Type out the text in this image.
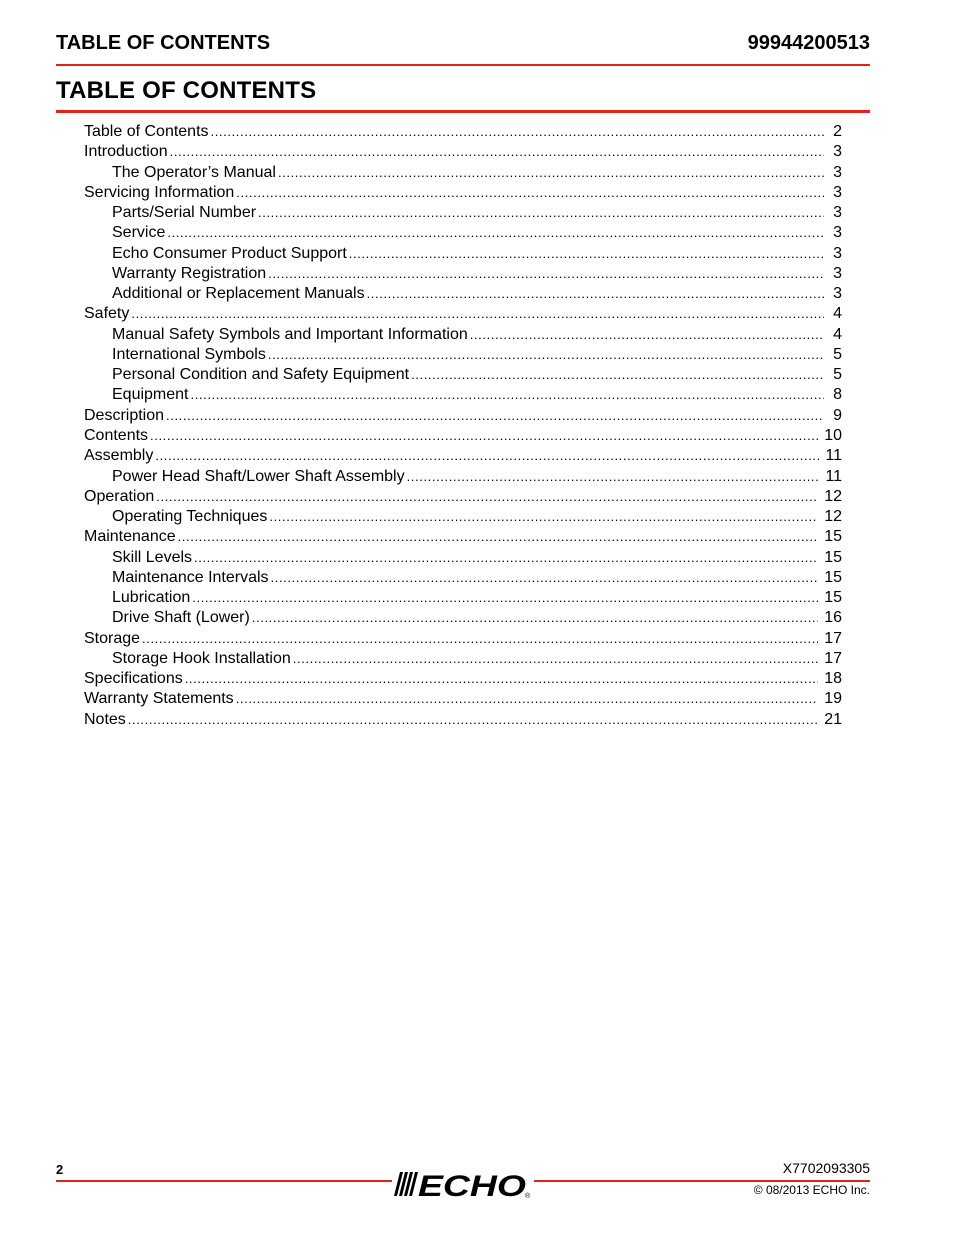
TABLE OF CONTENTS	99944200513
TABLE OF CONTENTS
Table of Contents .....	2
Introduction .....	3
The Operator’s Manual .....	3
Servicing Information .....	3
Parts/Serial Number .....	3
Service .....	3
Echo Consumer Product Support .....	3
Warranty Registration .....	3
Additional or Replacement Manuals .....	3
Safety .....	4
Manual Safety Symbols and Important Information .....	4
International Symbols .....	5
Personal Condition and Safety Equipment .....	5
Equipment .....	8
Description .....	9
Contents .....	10
Assembly .....	11
Power Head Shaft/Lower Shaft Assembly .....	11
Operation .....	12
Operating Techniques .....	12
Maintenance .....	15
Skill Levels .....	15
Maintenance Intervals .....	15
Lubrication .....	15
Drive Shaft (Lower) .....	16
Storage .....	17
Storage Hook Installation .....	17
Specifications .....	18
Warranty Statements .....	19
Notes .....	21
2	X7702093305
© 08/2013 ECHO Inc.
ECHO ®
